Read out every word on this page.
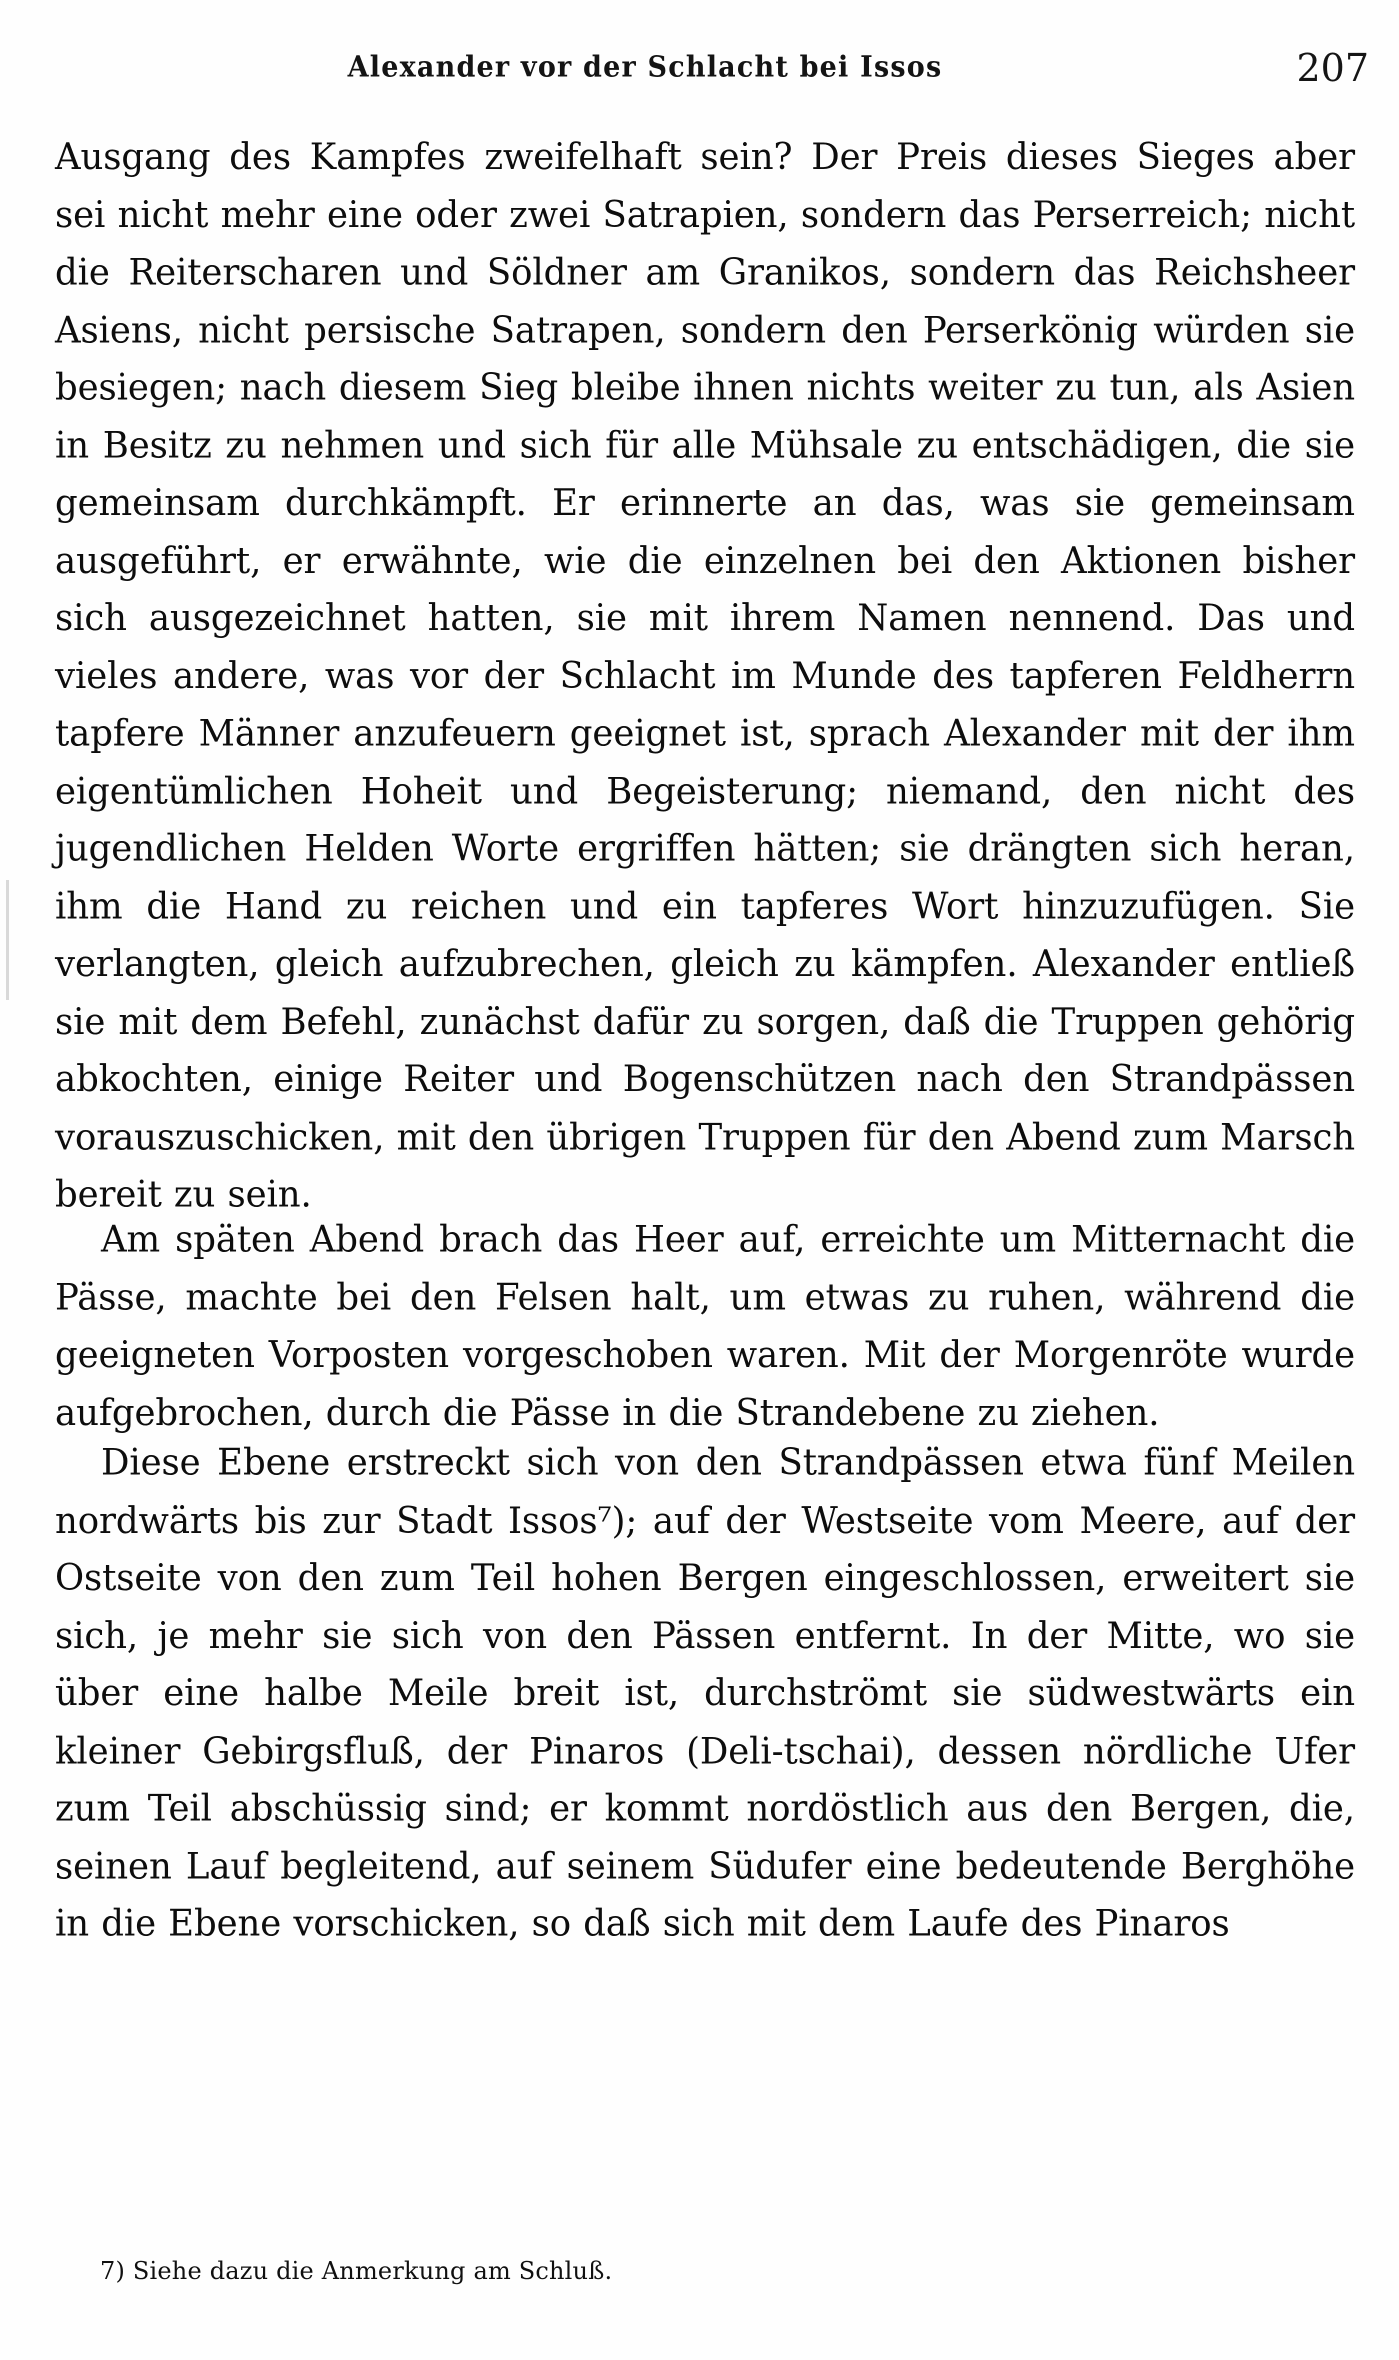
Alexander vor der Schlacht bei Issos	207

Ausgang des Kampfes zweifelhaft sein? Der Preis dieses Sieges aber sei nicht mehr eine oder zwei Satrapien, sondern das Perserreich; nicht die Reiterscharen und Söldner am Granikos, sondern das Reichsheer Asiens, nicht persische Satrapen, sondern den Perserkönig würden sie besiegen; nach diesem Sieg bleibe ihnen nichts weiter zu tun, als Asien in Besitz zu nehmen und sich für alle Mühsale zu entschädigen, die sie gemeinsam durchkämpft. Er erinnerte an das, was sie gemeinsam ausgeführt, er erwähnte, wie die einzelnen bei den Aktionen bisher sich ausgezeichnet hatten, sie mit ihrem Namen nennend. Das und vieles andere, was vor der Schlacht im Munde des tapferen Feldherrn tapfere Männer anzufeuern geeignet ist, sprach Alexander mit der ihm eigentümlichen Hoheit und Begeisterung; niemand, den nicht des jugendlichen Helden Worte ergriffen hätten; sie drängten sich heran, ihm die Hand zu reichen und ein tapferes Wort hinzuzufügen. Sie verlangten, gleich aufzubrechen, gleich zu kämpfen. Alexander entließ sie mit dem Befehl, zunächst dafür zu sorgen, daß die Truppen gehörig abkochten, einige Reiter und Bogenschützen nach den Strandpässen vorauszuschicken, mit den übrigen Truppen für den Abend zum Marsch bereit zu sein.

Am späten Abend brach das Heer auf, erreichte um Mitternacht die Pässe, machte bei den Felsen halt, um etwas zu ruhen, während die geeigneten Vorposten vorgeschoben waren. Mit der Morgenröte wurde aufgebrochen, durch die Pässe in die Strandebene zu ziehen.

Diese Ebene erstreckt sich von den Strandpässen etwa fünf Meilen nordwärts bis zur Stadt Issos⁷); auf der Westseite vom Meere, auf der Ostseite von den zum Teil hohen Bergen eingeschlossen, erweitert sie sich, je mehr sie sich von den Pässen entfernt. In der Mitte, wo sie über eine halbe Meile breit ist, durchströmt sie südwestwärts ein kleiner Gebirgsfluß, der Pinaros (Deli-tschai), dessen nördliche Ufer zum Teil abschüssig sind; er kommt nordöstlich aus den Bergen, die, seinen Lauf begleitend, auf seinem Südufer eine bedeutende Berghöhe in die Ebene vorschicken, so daß sich mit dem Laufe des Pinaros

7) Siehe dazu die Anmerkung am Schluß.
